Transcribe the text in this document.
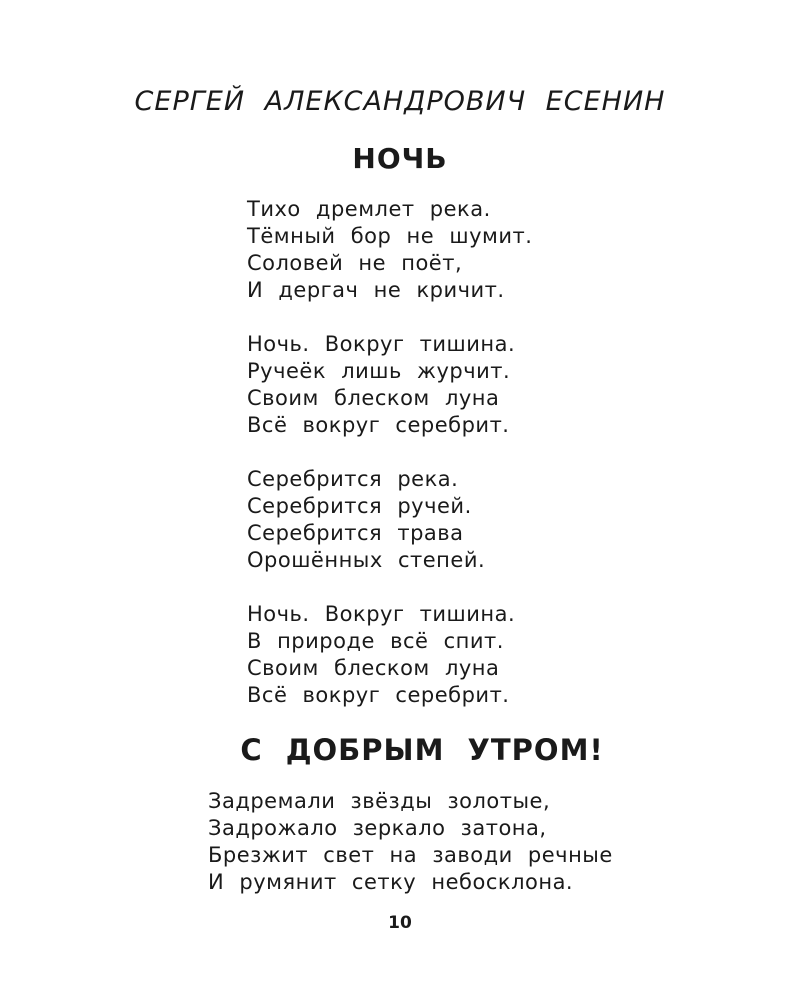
СЕРГЕЙ АЛЕКСАНДРОВИЧ ЕСЕНИН
НОЧЬ
Тихо дремлет река.
Тёмный бор не шумит.
Соловей не поёт,
И дергач не кричит.
Ночь. Вокруг тишина.
Ручеёк лишь журчит.
Своим блеском луна
Всё вокруг серебрит.
Серебрится река.
Серебрится ручей.
Серебрится трава
Орошённых степей.
Ночь. Вокруг тишина.
В природе всё спит.
Своим блеском луна
Всё вокруг серебрит.
С ДОБРЫМ УТРОМ!
Задремали звёзды золотые,
Задрожало зеркало затона,
Брезжит свет на заводи речные
И румянит сетку небосклона.
10
